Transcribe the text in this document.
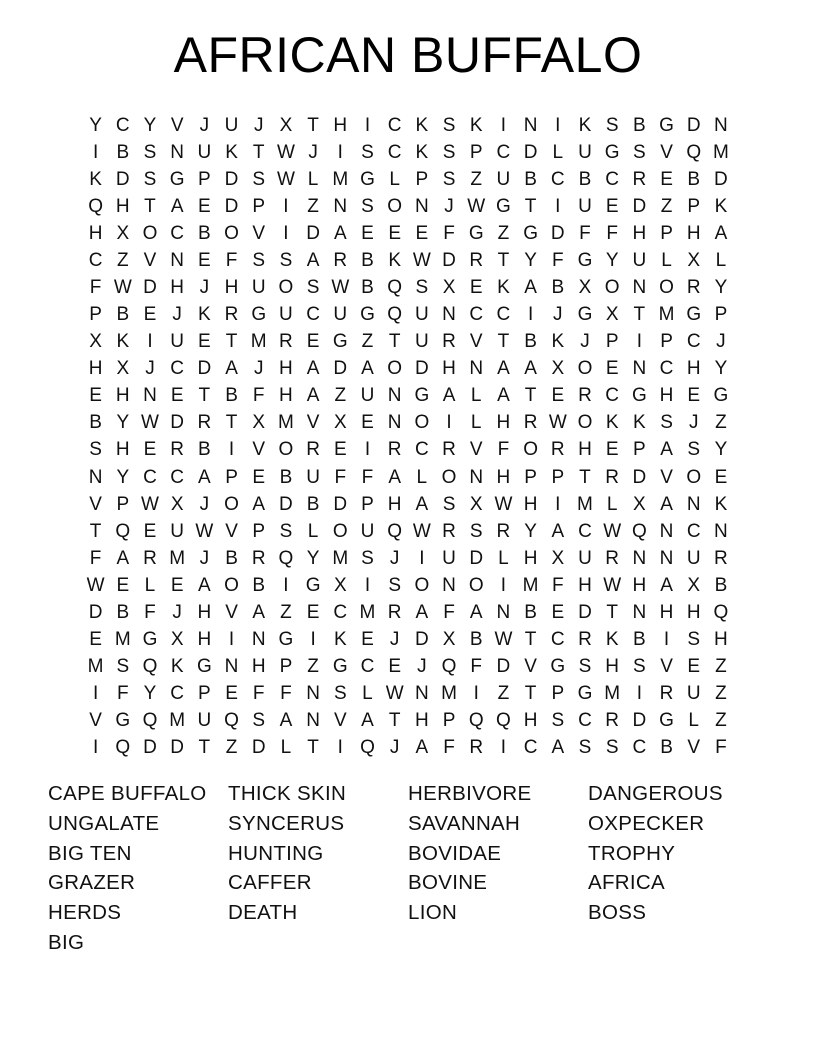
AFRICAN BUFFALO
Y C Y V J U J X T H I C K S K I N I K S B G D N
I B S N U K T W J	I S C K S P C D L U G S V Q M
K D S G P D S W L M G L P S Z U B C B C R E B D
Q H T A E D P I Z N S O N J W G T I U E D Z P K
H X O C B O V I D A E E E F G Z G D F F H P H A
C Z V N E F S S A R B K W D R T Y F G Y U L X L
F W D H J H U O S W B Q S X E K A B X O N O R Y
P B E J K R G U C U G Q U N C C I	J G X T M G P
X K I U E T M R E G Z T U R V T B K J P I P C J
H X J C D A J H A D A O D H N A A X O E N C H Y
E H N E T B F H A Z U N G A L A T E R C G H E G
B Y W D R T X M V X E N O I	L H R W O K K S J Z
S H E R B I V O R E I R C R V F O R H E P A S Y
N Y C C A P E B U F F A L O N H P P T R D V O E
V P W X J O A D B D P H A S X W H I M L X A N K
T Q E U W V P S L O U Q W R S R Y A C W Q N C N
F A R M J B R Q Y M S J	I U D L H X U R N N U R
W E L E A O B I G X I S O N O I M F H W H A X B
D B F J H V A Z E C M R A F A N B E D T N H H Q
E M G X H I N G I K E J D X B W T C R K B I S H
M S Q K G N H P Z G C E J Q F D V G S H S V E Z
I F Y C P E F F N S L W N M I Z T P G M I R U Z
V G Q M U Q S A N V A T H P Q Q H S C R D G L Z
I Q D D T Z D L T I Q J A F R I C A S S C B V F
CAPE BUFFALO
UNGALATE
BIG TEN
GRAZER
HERDS
BIG
THICK SKIN
SYNCERUS
HUNTING
CAFFER
DEATH
HERBIVORE
SAVANNAH
BOVIDAE
BOVINE
LION
DANGEROUS
OXPECKER
TROPHY
AFRICA
BOSS
